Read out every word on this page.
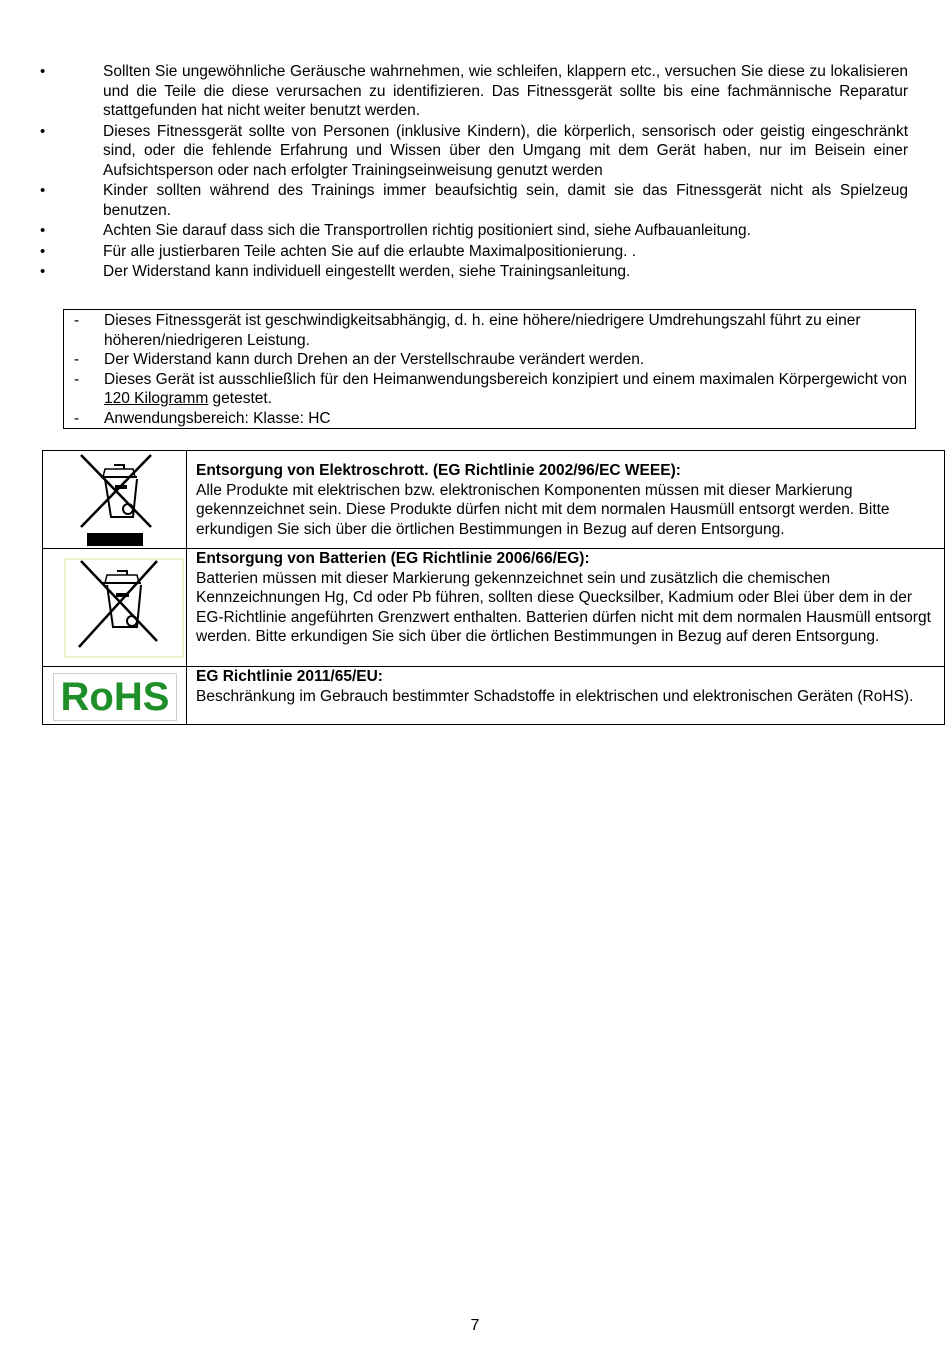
•	Sollten Sie ungewöhnliche Geräusche wahrnehmen, wie schleifen, klappern etc., versuchen Sie diese zu lokalisieren und die Teile die diese verursachen zu identifizieren. Das Fitnessgerät sollte bis eine fachmännische Reparatur stattgefunden hat nicht weiter benutzt werden.
•	Dieses Fitnessgerät sollte von Personen (inklusive Kindern), die körperlich, sensorisch oder geistig eingeschränkt sind, oder die fehlende Erfahrung und Wissen über den Umgang mit dem Gerät haben, nur im Beisein einer Aufsichtsperson oder nach erfolgter Trainingseinweisung genutzt werden
•	Kinder sollten während des Trainings immer beaufsichtig sein, damit sie das Fitnessgerät nicht als Spielzeug benutzen.
•	Achten Sie darauf dass sich die Transportrollen richtig positioniert sind, siehe Aufbauanleitung.
•	Für alle justierbaren Teile achten Sie auf die erlaubte Maximalpositionierung. .
•	Der Widerstand kann individuell eingestellt werden, siehe Trainingsanleitung.
- Dieses Fitnessgerät ist geschwindigkeitsabhängig, d. h. eine höhere/niedrigere Umdrehungszahl führt zu einer höheren/niedrigeren Leistung.
- Der Widerstand kann durch Drehen an der Verstellschraube verändert werden.
- Dieses Gerät ist ausschließlich für den Heimanwendungsbereich konzipiert und einem maximalen Körpergewicht von 120 Kilogramm getestet.
- Anwendungsbereich: Klasse: HC

Entsorgung von Elektroschrott. (EG Richtlinie 2002/96/EC WEEE):
Alle Produkte mit elektrischen bzw. elektronischen Komponenten müssen mit dieser Markierung gekennzeichnet sein. Diese Produkte dürfen nicht mit dem normalen Hausmüll entsorgt werden. Bitte erkundigen Sie sich über die örtlichen Bestimmungen in Bezug auf deren Entsorgung.

Entsorgung von Batterien (EG Richtlinie 2006/66/EG):
Batterien müssen mit dieser Markierung gekennzeichnet sein und zusätzlich die chemischen Kennzeichnungen Hg, Cd oder Pb führen, sollten diese Quecksilber, Kadmium oder Blei über dem in der EG-Richtlinie angeführten Grenzwert enthalten. Batterien dürfen nicht mit dem normalen Hausmüll entsorgt werden. Bitte erkundigen Sie sich über die örtlichen Bestimmungen in Bezug auf deren Entsorgung.

RoHS	EG Richtlinie 2011/65/EU:
Beschränkung im Gebrauch bestimmter Schadstoffe in elektrischen und elektronischen Geräten (RoHS).
7
